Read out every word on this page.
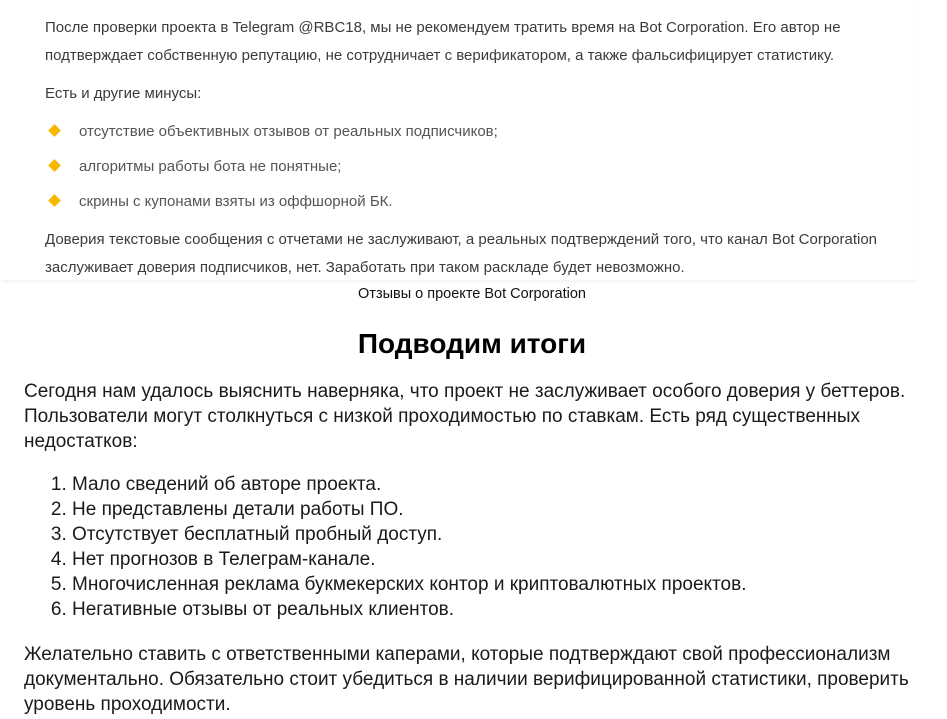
После проверки проекта в Telegram @RBC18, мы не рекомендуем тратить время на Bot Corporation. Его автор не подтверждает собственную репутацию, не сотрудничает с верификатором, а также фальсифицирует статистику.
Есть и другие минусы:
отсутствие объективных отзывов от реальных подписчиков;
алгоритмы работы бота не понятные;
скрины с купонами взяты из оффшорной БК.
Доверия текстовые сообщения с отчетами не заслуживают, а реальных подтверждений того, что канал Bot Corporation заслуживает доверия подписчиков, нет. Заработать при таком раскладе будет невозможно.
Отзывы о проекте Bot Corporation
Подводим итоги

Сегодня нам удалось выяснить наверняка, что проект не заслуживает особого доверия у беттеров. Пользователи могут столкнуться с низкой проходимостью по ставкам. Есть ряд существенных недостатков:

1. Мало сведений об авторе проекта.
2. Не представлены детали работы ПО.
3. Отсутствует бесплатный пробный доступ.
4. Нет прогнозов в Телеграм-канале.
5. Многочисленная реклама букмекерских контор и криптовалютных проектов.
6. Негативные отзывы от реальных клиентов.

Желательно ставить с ответственными каперами, которые подтверждают свой профессионализм документально. Обязательно стоит убедиться в наличии верифицированной статистики, проверить уровень проходимости.
